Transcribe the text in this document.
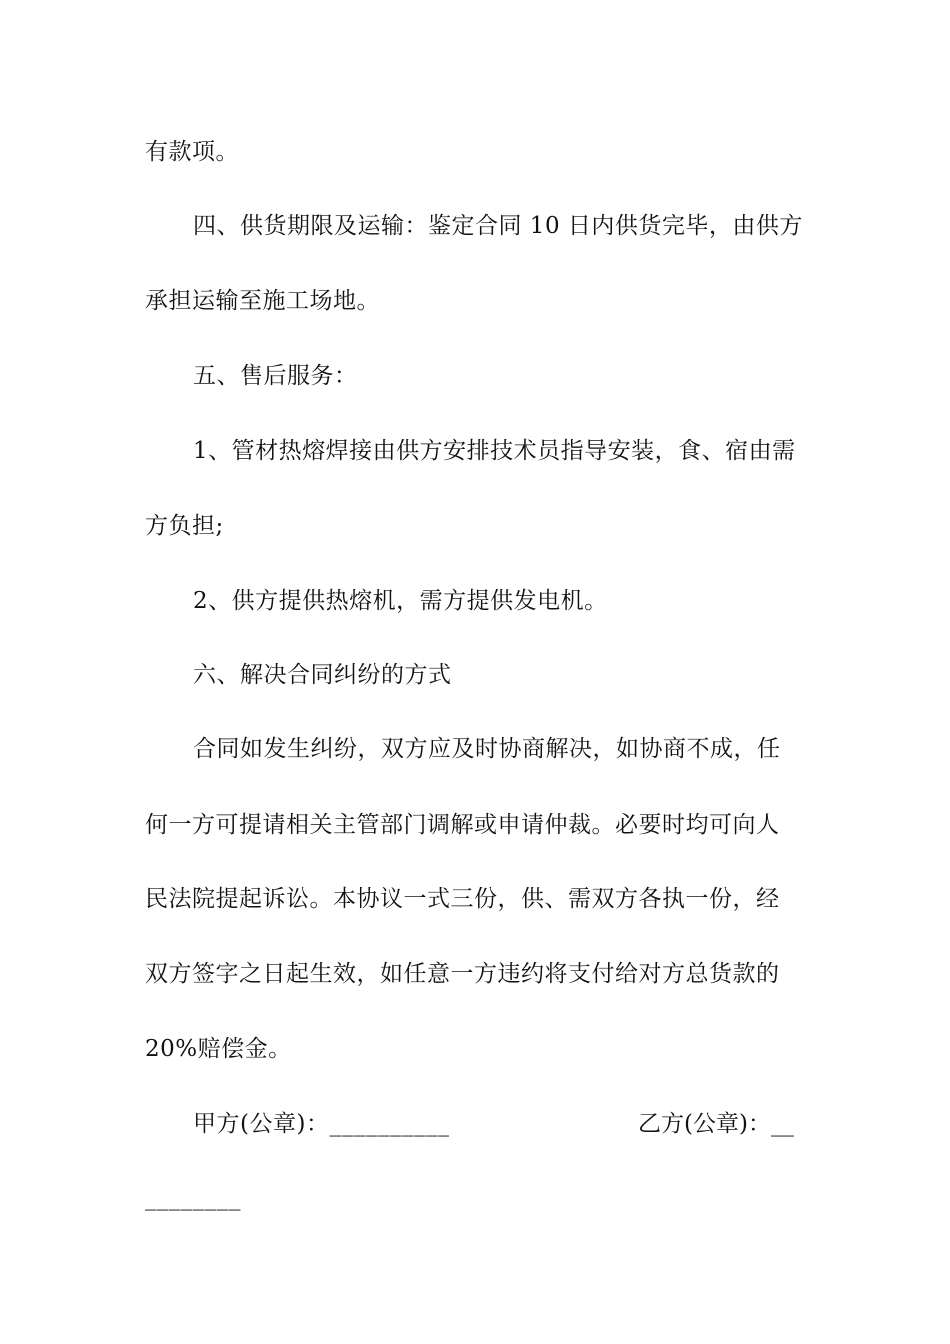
有款项。
四、供货期限及运输：鉴定合同 10 日内供货完毕，由供方
承担运输至施工场地。
五、售后服务：
1、管材热熔焊接由供方安排技术员指导安装，食、宿由需
方负担;
2、供方提供热熔机，需方提供发电机。
六、解决合同纠纷的方式
合同如发生纠纷，双方应及时协商解决，如协商不成，任
何一方可提请相关主管部门调解或申请仲裁。必要时均可向人
民法院提起诉讼。本协议一式三份，供、需双方各执一份，经
双方签字之日起生效，如任意一方违约将支付给对方总货款的
20%赔偿金。
甲方(公章)：__________	乙方(公章)：__
________
